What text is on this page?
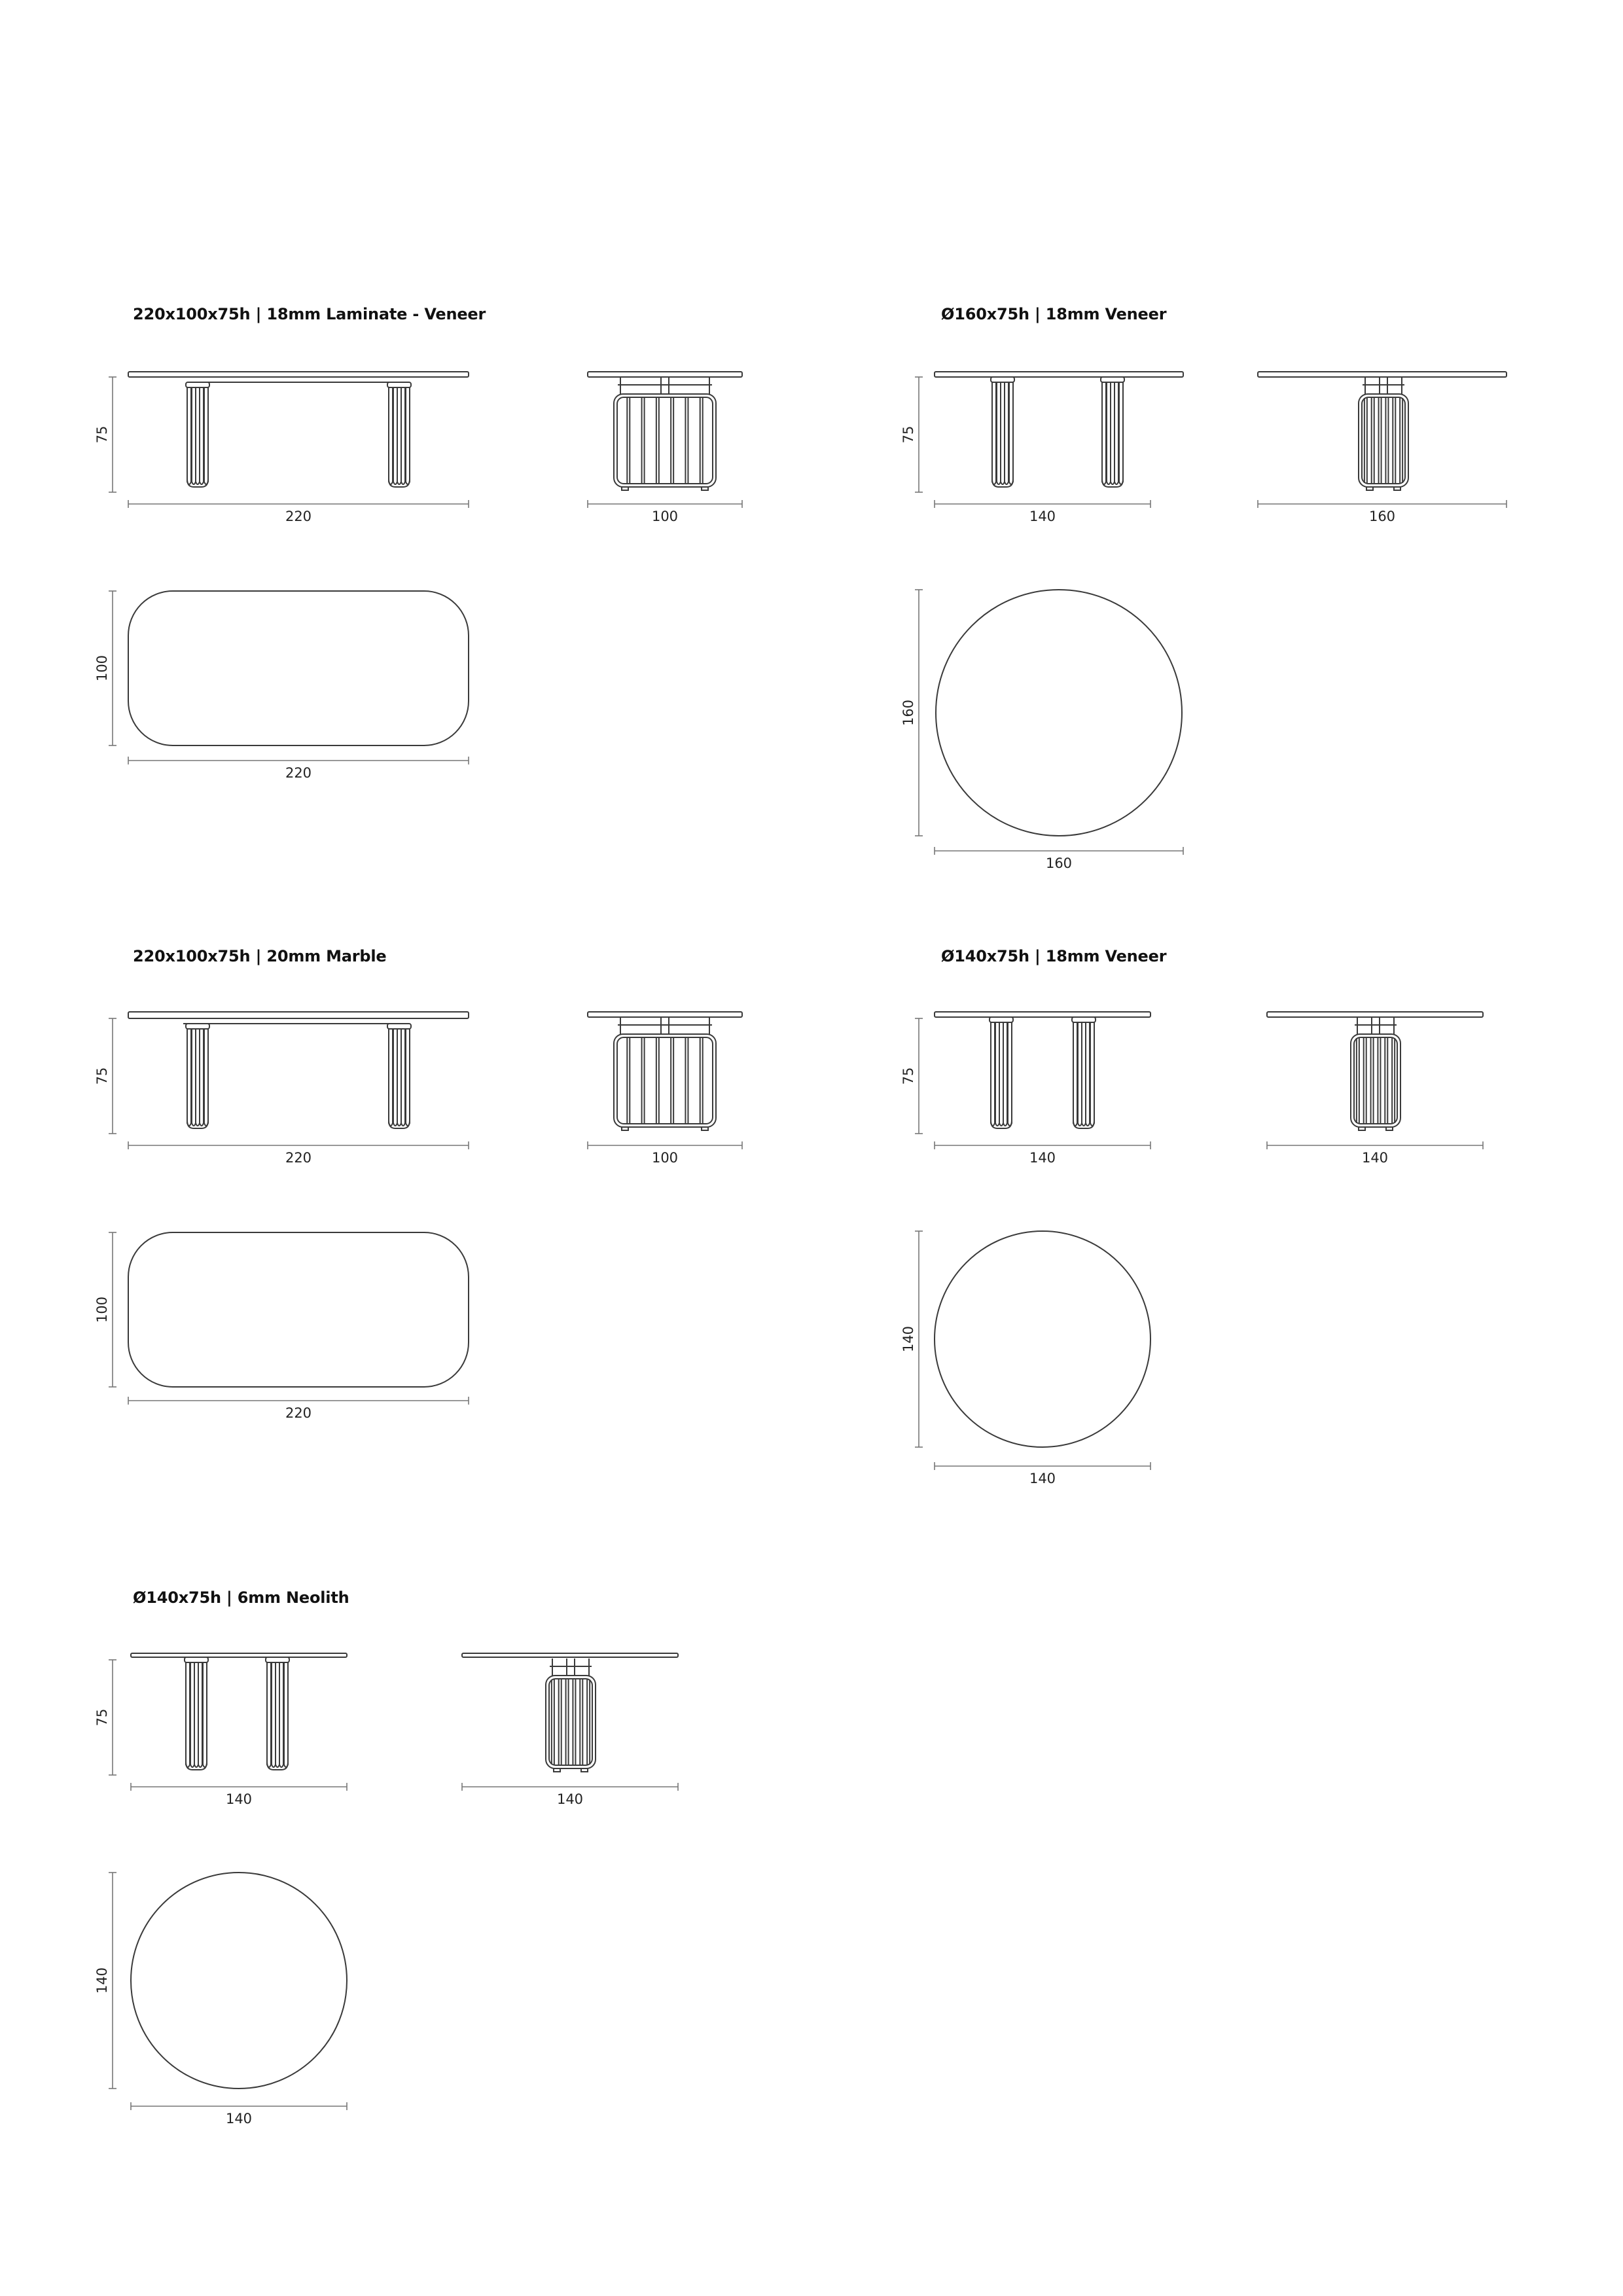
220x100x75h | 18mm Laminate - Veneer	Ø160x75h | 18mm Veneer
220x100x75h | 20mm Marble	Ø140x75h | 18mm Veneer
Ø140x75h | 6mm Neolith
75
220	100
100
220
75
140	160
160
160
75
220	100
100
220
75
140	140
140
140
75
140	140
140
140
